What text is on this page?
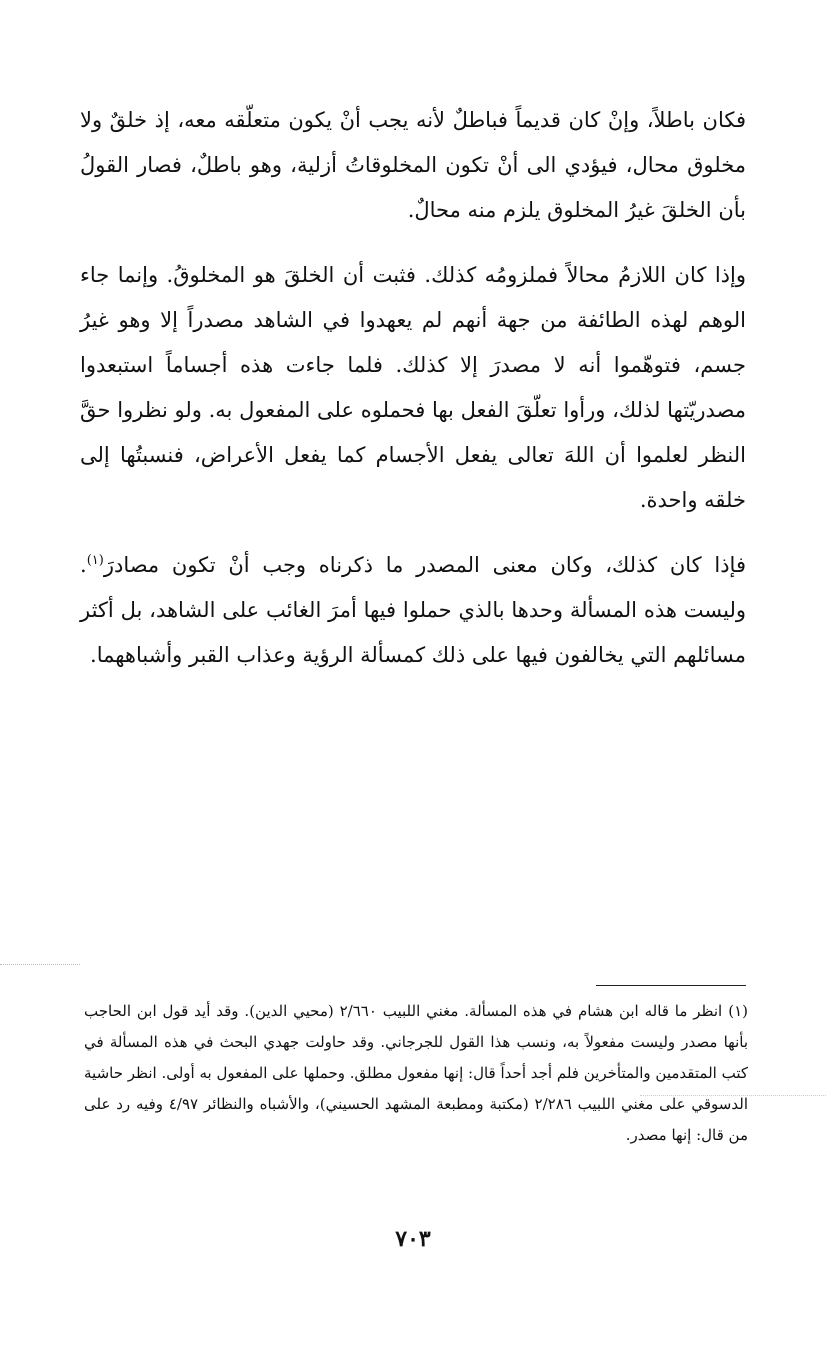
فكان باطلاً، وإنْ كان قديماً فباطلٌ لأنه يجب أنْ يكون متعلّقه معه، إذ خلقٌ ولا مخلوق محال، فيؤدي الى أنْ تكون المخلوقاتُ أزلية، وهو باطلٌ، فصار القولُ بأن الخلقَ غيرُ المخلوق يلزم منه محالٌ.

وإذا كان اللازمُ محالاً فملزومُه كذلك. فثبت أن الخلقَ هو المخلوقُ. وإنما جاء الوهم لهذه الطائفة من جهة أنهم لم يعهدوا في الشاهد مصدراً إلا وهو غيرُ جسم، فتوهّموا أنه لا مصدرَ إلا كذلك. فلما جاءت هذه أجساماً استبعدوا مصدريّتها لذلك، ورأوا تعلّقَ الفعل بها فحملوه على المفعول به. ولو نظروا حقَّ النظر لعلموا أن اللهَ تعالى يفعل الأجسام كما يفعل الأعراض، فنسبتُها إلى خلقه واحدة.

فإذا كان كذلك، وكان معنى المصدر ما ذكرناه وجب أنْ تكون مصادرَ$^{(١)}$. وليست هذه المسألة وحدها بالذي حملوا فيها أمرَ الغائب على الشاهد، بل أكثر مسائلهم التي يخالفون فيها على ذلك كمسألة الرؤية وعذاب القبر وأشباههما.

(١)انظر ما قاله ابن هشام في هذه المسألة. مغني اللبيب ٢/٦٦٠ (محيي الدين). وقد أيد قول ابن الحاجب بأنها مصدر وليست مفعولاً به، ونسب هذا القول للجرجاني. وقد حاولت جهدي البحث في هذه المسألة في كتب المتقدمين والمتأخرين فلم أجد أحداً قال: إنها مفعول مطلق. وحملها على المفعول به أولى. انظر حاشية الدسوقي على مغني اللبيب ٢/٢٨٦ (مكتبة ومطبعة المشهد الحسيني)، والأشباه والنظائر ٤/٩٧ وفيه رد على من قال: إنها مصدر.

٧٠٣
